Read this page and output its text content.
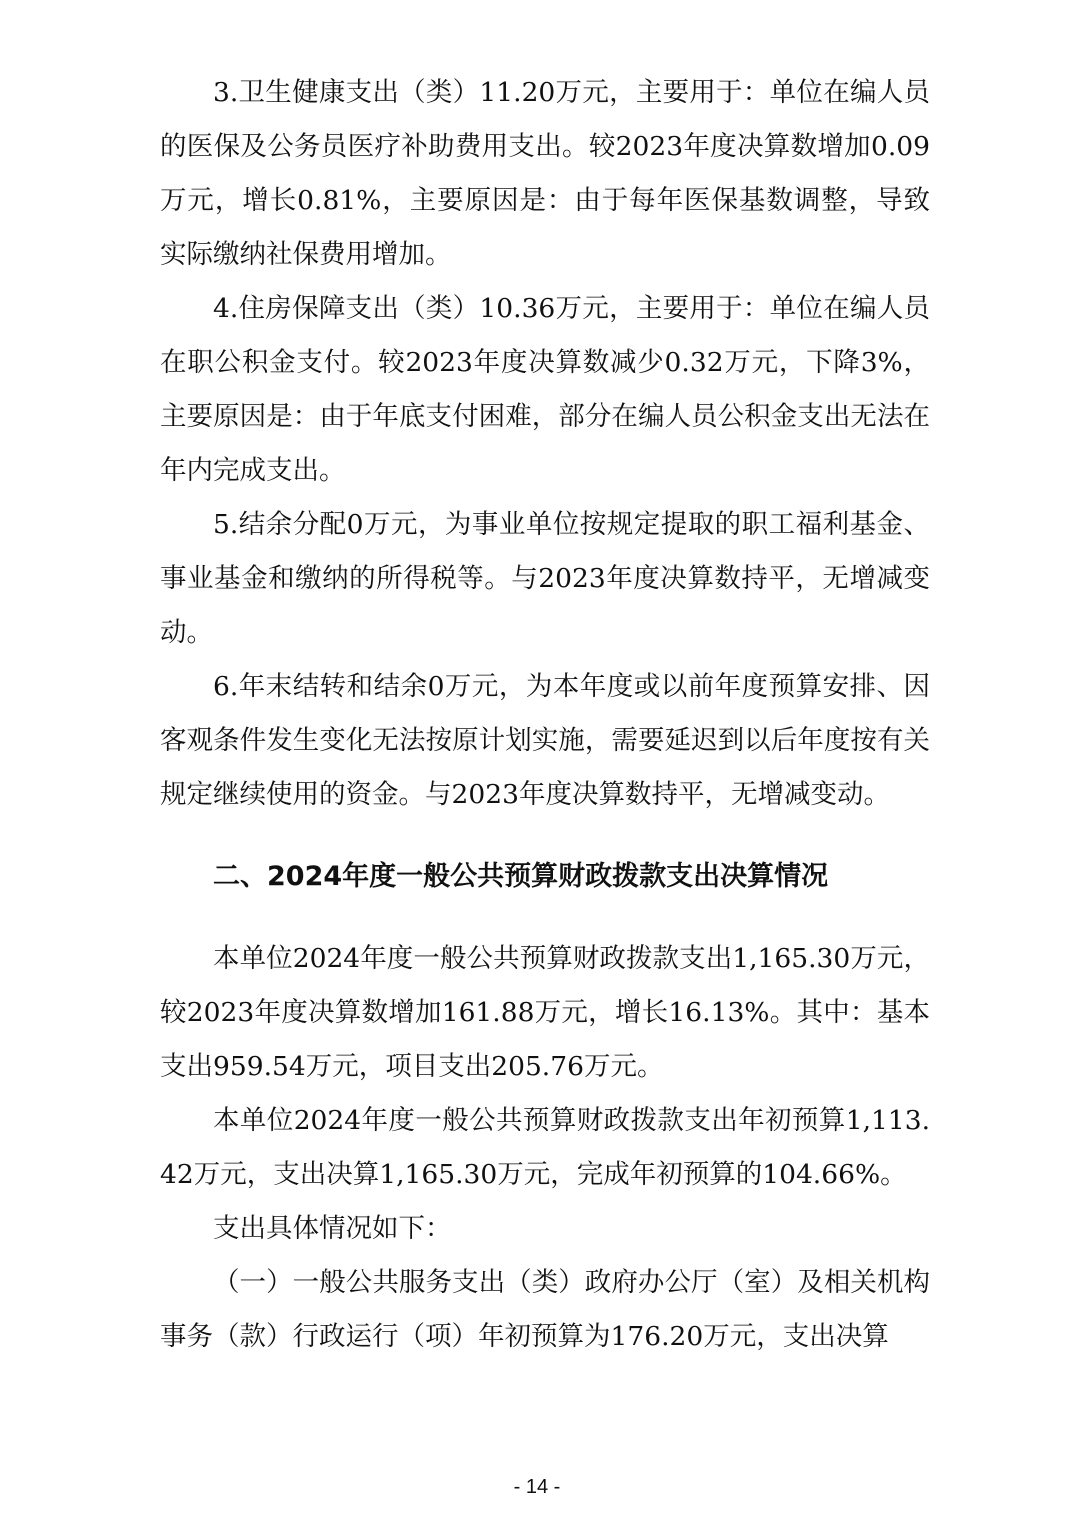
3.卫生健康支出（类）11.20万元，主要用于：单位在编人员的医保及公务员医疗补助费用支出。较2023年度决算数增加0.09万元，增长0.81%，主要原因是：由于每年医保基数调整，导致实际缴纳社保费用增加。

4.住房保障支出（类）10.36万元，主要用于：单位在编人员在职公积金支付。较2023年度决算数减少0.32万元，下降3%，主要原因是：由于年底支付困难，部分在编人员公积金支出无法在年内完成支出。

5.结余分配0万元，为事业单位按规定提取的职工福利基金、事业基金和缴纳的所得税等。与2023年度决算数持平，无增减变动。

6.年末结转和结余0万元，为本年度或以前年度预算安排、因客观条件发生变化无法按原计划实施，需要延迟到以后年度按有关规定继续使用的资金。与2023年度决算数持平，无增减变动。

二、2024年度一般公共预算财政拨款支出决算情况

本单位2024年度一般公共预算财政拨款支出1,165.30万元，较2023年度决算数增加161.88万元，增长16.13%。其中：基本支出959.54万元，项目支出205.76万元。

本单位2024年度一般公共预算财政拨款支出年初预算1,113.42万元，支出决算1,165.30万元，完成年初预算的104.66%。

支出具体情况如下：

（一）一般公共服务支出（类）政府办公厅（室）及相关机构事务（款）行政运行（项）年初预算为176.20万元，支出决算

- 14 -
